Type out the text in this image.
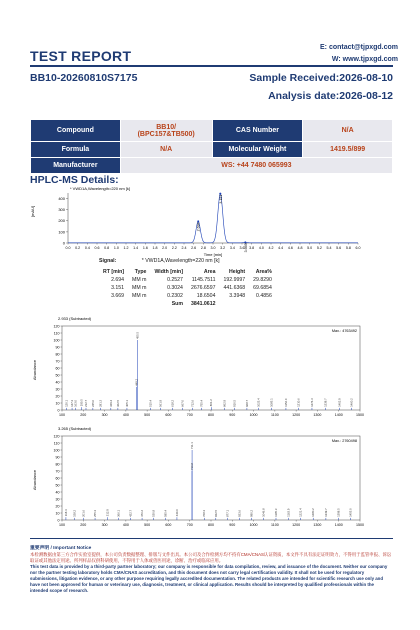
TEST REPORT
E: contact@tjpxgd.com
W: www.tjpxgd.com
BB10-20260810S7175	Sample Received:2026-08-10
Analysis date:2026-08-12
Compound	BB10/
(BPC157&TB500)	CAS Number	N/A
Formula	N/A	Molecular Weight	1419.5/899
Manufacturer	WS: +44 7480 065993		
HPLC-MS Details:
* VWD1A,Wavelength=220 nm [k]
[mAU]
400
300
200
100
0
0.0 0.2 0.4 0.6 0.8 1.0 1.2 1.4 1.6 1.8 2.0 2.2 2.4 2.6 2.8 3.0 3.2 3.4 3.6 3.8 4.0 4.2 4.4 4.6 4.8 5.0 5.2 5.4 5.6 5.8 6.0
2.694
3.151
3.669
Time [min]
Signal:	* VWD1A,Wavelength=220 nm [k]
RT [min]	Type	Width [min]	Area	Height	Area%
2.694	MM m	0.2527	1145.7511	192.9997	29.8290
3.151	MM m	0.3024	2676.6597	441.6368	69.6854
3.669	MM m	0.2302	18.6504	3.3948	0.4856
		Sum	3841.0612		
2.933 (Subtracted)
Max.: 4763492
Abundance
120
110
100
90
80
70
60
50
40
30
20
10
0
100	200	300	400	500	600	700	800	900	1000	1100	1200	1300	1400	1500
455.5
449.2
120.1 147.3 163.0 190.5 212.7 245.0 281.3 329.4 362.5 405.1	515.4 561.9	618.2 667.0 712.6 755.4 801.2	862.9 910.5	968.7	1023.4	1085.1	1152.0	1210.6	1274.3	1338.7	1402.9	1460.2
3.265 (Subtracted)
Max.: 2760498
Abundance
120
110
100
90
80
70
60
50
40
30
20
10
0
100	200	300	400	500	600	700	800	900	1000	1100	1200	1300	1400	1500
711.1
710.8
118.4 158.2 201.6	255.3	312.9	366.1	422.7	476.2	530.8	585.4	640.0	768.3	822.5	877.1	933.6	990.2	1046.8	1105.3	1163.9	1221.4	1280.2	1339.7	1398.5	1455.0
重要声明 / Important Notice
本检测数据由第三方合作实验室提供，本公司负责数据整理、排版与文件出具。本公司及合作检测方均不持有CMA/CNAS认证资质，本文件不具有法定证明效力，不得用于监管申报、诉讼取证或其他法定用途。所列样品仅供科研使用，不得用于人体或兽医用途，诊断、治疗或临床应用。
This test data is provided by a third-party partner laboratory; our company is responsible for data compilation, review, and issuance of the document. Neither our company nor the partner testing laboratory holds CMA/CNAS accreditation, and this document does not carry legal certification validity. It shall not be used for regulatory submissions, litigation evidence, or any other purpose requiring legally accredited documentation. The related products are intended for scientific research use only and have not been approved for human or veterinary use, diagnosis, treatment, or clinical application. Results should be interpreted by qualified professionals within the intended scope of research.
